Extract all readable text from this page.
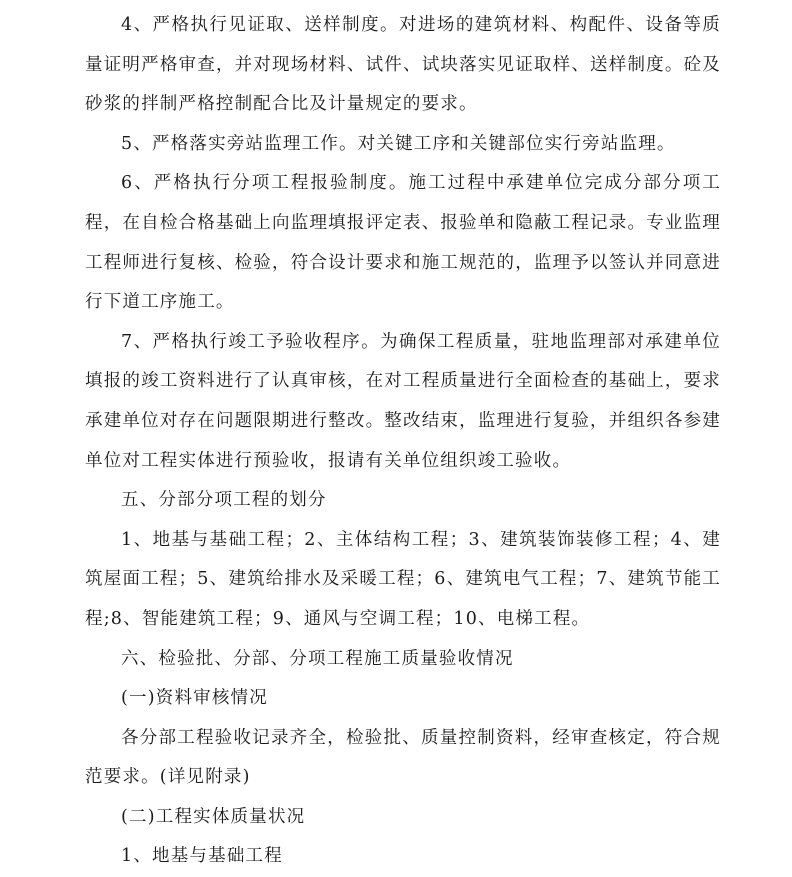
4、严格执行见证取、送样制度。对进场的建筑材料、构配件、设备等质量证明严格审查，并对现场材料、试件、试块落实见证取样、送样制度。砼及砂浆的拌制严格控制配合比及计量规定的要求。

5、严格落实旁站监理工作。对关键工序和关键部位实行旁站监理。

6、严格执行分项工程报验制度。施工过程中承建单位完成分部分项工程，在自检合格基础上向监理填报评定表、报验单和隐蔽工程记录。专业监理工程师进行复核、检验，符合设计要求和施工规范的，监理予以签认并同意进行下道工序施工。

7、严格执行竣工予验收程序。为确保工程质量，驻地监理部对承建单位填报的竣工资料进行了认真审核，在对工程质量进行全面检查的基础上，要求承建单位对存在问题限期进行整改。整改结束，监理进行复验，并组织各参建单位对工程实体进行预验收，报请有关单位组织竣工验收。

五、分部分项工程的划分

1、地基与基础工程；2、主体结构工程；3、建筑装饰装修工程；4、建筑屋面工程；5、建筑给排水及采暖工程；6、建筑电气工程；7、建筑节能工程;8、智能建筑工程；9、通风与空调工程；10、电梯工程。

六、检验批、分部、分项工程施工质量验收情况

(一)资料审核情况

各分部工程验收记录齐全，检验批、质量控制资料，经审查核定，符合规范要求。(详见附录)

(二)工程实体质量状况

1、地基与基础工程
